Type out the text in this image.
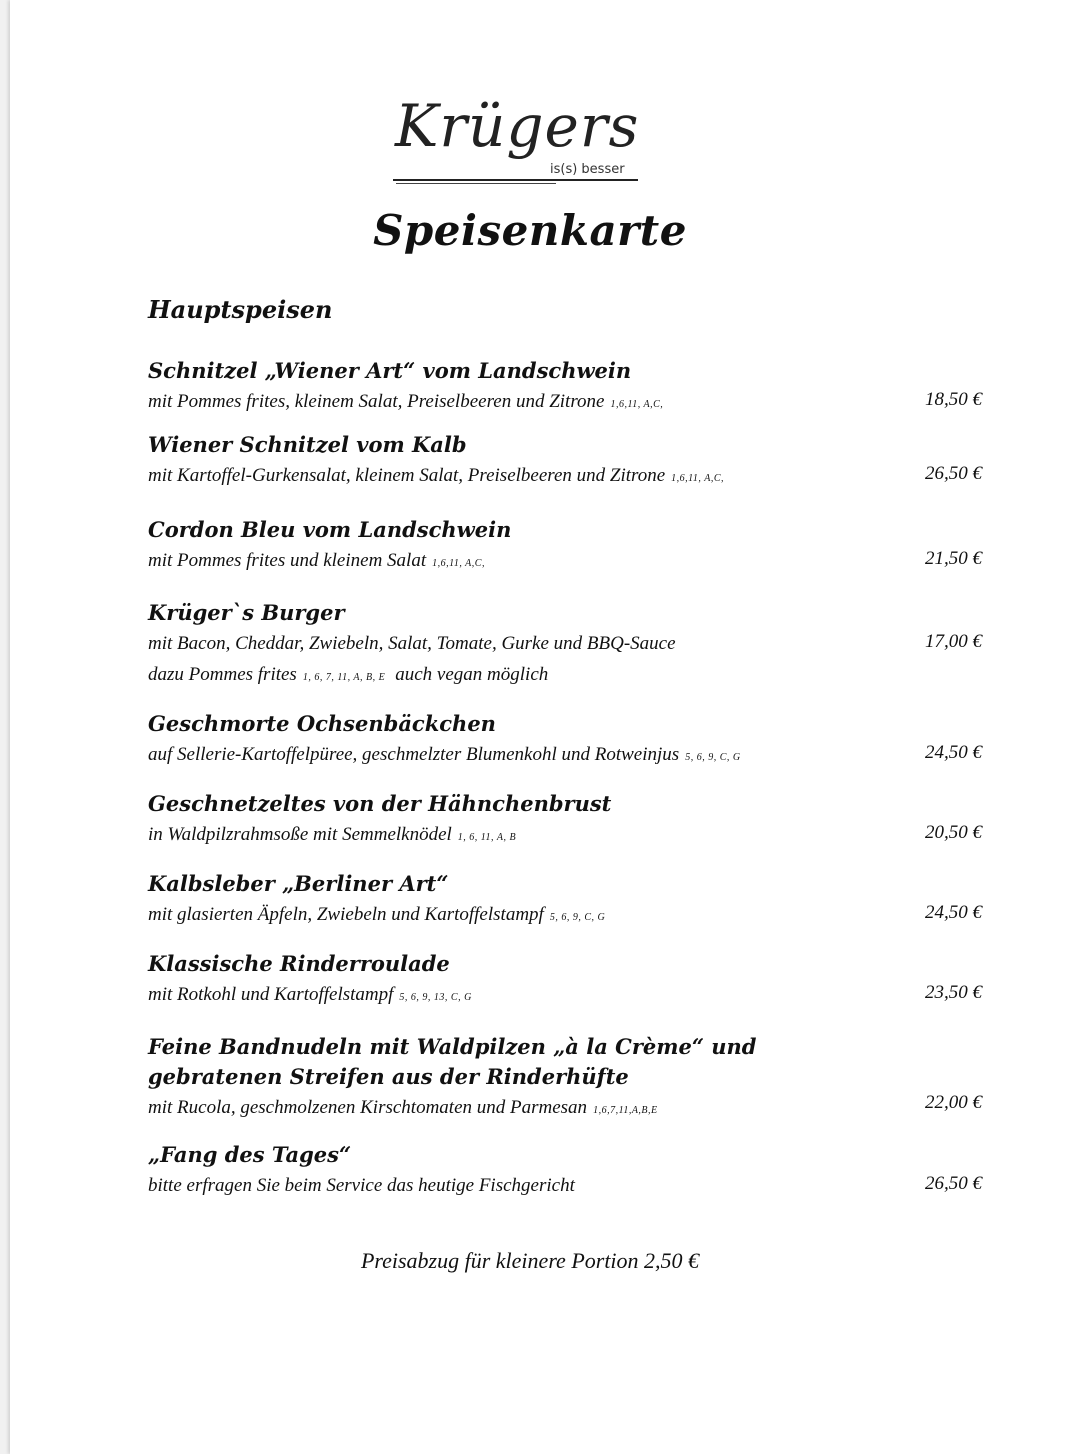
Krügers
is(s) besser
Speisenkarte
Hauptspeisen
Schnitzel „Wiener Art“ vom Landschwein
mit Pommes frites, kleinem Salat, Preiselbeeren und Zitrone 1,6,11, A,C,	18,50 €
Wiener Schnitzel vom Kalb
mit Kartoffel-Gurkensalat, kleinem Salat, Preiselbeeren und Zitrone 1,6,11, A,C,	26,50 €
Cordon Bleu vom Landschwein
mit Pommes frites und kleinem Salat 1,6,11, A,C,	21,50 €
Krüger`s Burger
mit Bacon, Cheddar, Zwiebeln, Salat, Tomate, Gurke und BBQ-Sauce
dazu Pommes frites 1, 6, 7, 11, A, B, E auch vegan möglich
17,00 €
Geschmorte Ochsenbäckchen
auf Sellerie-Kartoffelpüree, geschmelzter Blumenkohl und Rotweinjus 5, 6, 9, C, G	24,50 €
Geschnetzeltes von der Hähnchenbrust
in Waldpilzrahmsoße mit Semmelknödel 1, 6, 11, A, B	20,50 €
Kalbsleber „Berliner Art“
mit glasierten Äpfeln, Zwiebeln und Kartoffelstampf 5, 6, 9, C, G	24,50 €
Klassische Rinderroulade
mit Rotkohl und Kartoffelstampf 5, 6, 9, 13, C, G	23,50 €
Feine Bandnudeln mit Waldpilzen „à la Crème“ und gebratenen Streifen aus der Rinderhüfte
mit Rucola, geschmolzenen Kirschtomaten und Parmesan 1,6,7,11,A,B,E	22,00 €
„Fang des Tages“
bitte erfragen Sie beim Service das heutige Fischgericht	26,50 €
Preisabzug für kleinere Portion 2,50 €
